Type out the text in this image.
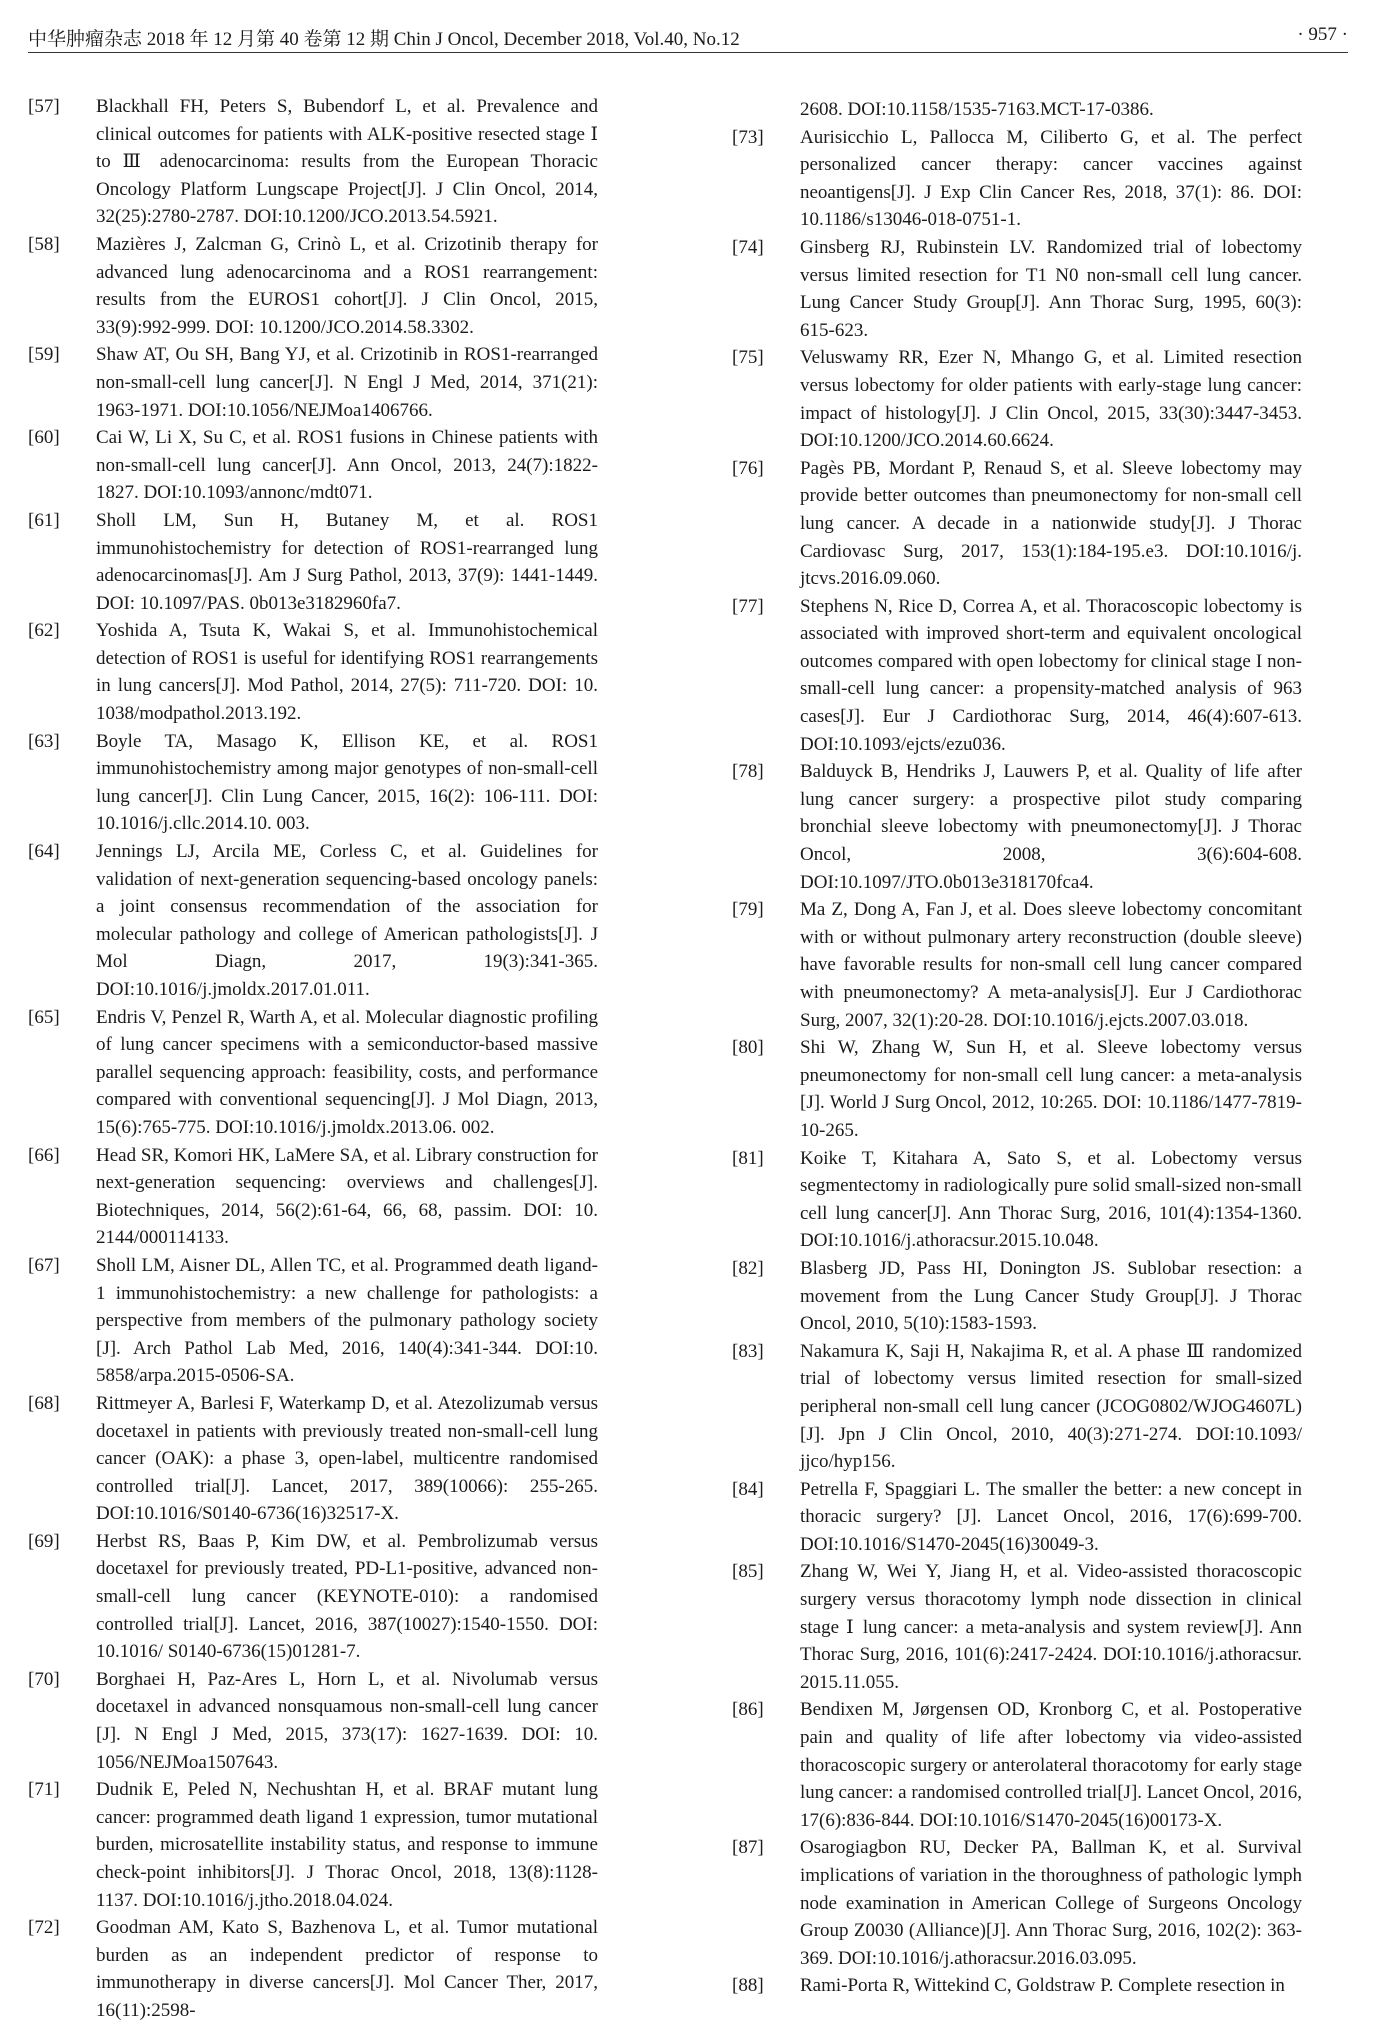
中华肿瘤杂志 2018 年 12 月第 40 卷第 12 期 Chin J Oncol, December 2018, Vol.40, No.12	· 957 ·
[57]	Blackhall FH, Peters S, Bubendorf L, et al. Prevalence and clinical outcomes for patients with ALK-positive resected stage Ⅰ to Ⅲ adenocarcinoma: results from the European Thoracic Oncology Platform Lungscape Project[J]. J Clin Oncol, 2014, 32(25):2780-2787. DOI:10.1200/JCO.2013.54.5921.
[58]	Mazières J, Zalcman G, Crinò L, et al. Crizotinib therapy for advanced lung adenocarcinoma and a ROS1 rearrangement: results from the EUROS1 cohort[J]. J Clin Oncol, 2015, 33(9):992-999. DOI: 10.1200/JCO.2014.58.3302.
[59]	Shaw AT, Ou SH, Bang YJ, et al. Crizotinib in ROS1-rearranged non-small-cell lung cancer[J]. N Engl J Med, 2014, 371(21): 1963-1971. DOI:10.1056/NEJMoa1406766.
[60]	Cai W, Li X, Su C, et al. ROS1 fusions in Chinese patients with non-small-cell lung cancer[J]. Ann Oncol, 2013, 24(7):1822-1827. DOI:10.1093/annonc/mdt071.
[61]	Sholl LM, Sun H, Butaney M, et al. ROS1 immunohistochemistry for detection of ROS1-rearranged lung adenocarcinomas[J]. Am J Surg Pathol, 2013, 37(9): 1441-1449. DOI: 10.1097/PAS. 0b013e3182960fa7.
[62]	Yoshida A, Tsuta K, Wakai S, et al. Immunohistochemical detection of ROS1 is useful for identifying ROS1 rearrangements in lung cancers[J]. Mod Pathol, 2014, 27(5): 711-720. DOI: 10. 1038/modpathol.2013.192.
[63]	Boyle TA, Masago K, Ellison KE, et al. ROS1 immunohistochemistry among major genotypes of non-small-cell lung cancer[J]. Clin Lung Cancer, 2015, 16(2): 106-111. DOI: 10.1016/j.cllc.2014.10. 003.
[64]	Jennings LJ, Arcila ME, Corless C, et al. Guidelines for validation of next-generation sequencing-based oncology panels: a joint consensus recommendation of the association for molecular pathology and college of American pathologists[J]. J Mol Diagn, 2017, 19(3):341-365. DOI:10.1016/j.jmoldx.2017.01.011.
[65]	Endris V, Penzel R, Warth A, et al. Molecular diagnostic profiling of lung cancer specimens with a semiconductor-based massive parallel sequencing approach: feasibility, costs, and performance compared with conventional sequencing[J]. J Mol Diagn, 2013, 15(6):765-775. DOI:10.1016/j.jmoldx.2013.06. 002.
[66]	Head SR, Komori HK, LaMere SA, et al. Library construction for next-generation sequencing: overviews and challenges[J]. Biotechniques, 2014, 56(2):61-64, 66, 68, passim. DOI: 10. 2144/000114133.
[67]	Sholl LM, Aisner DL, Allen TC, et al. Programmed death ligand-1 immunohistochemistry: a new challenge for pathologists: a perspective from members of the pulmonary pathology society [J]. Arch Pathol Lab Med, 2016, 140(4):341-344. DOI:10. 5858/arpa.2015-0506-SA.
[68]	Rittmeyer A, Barlesi F, Waterkamp D, et al. Atezolizumab versus docetaxel in patients with previously treated non-small-cell lung cancer (OAK): a phase 3, open-label, multicentre randomised controlled trial[J]. Lancet, 2017, 389(10066): 255-265. DOI:10.1016/S0140-6736(16)32517-X.
[69]	Herbst RS, Baas P, Kim DW, et al. Pembrolizumab versus docetaxel for previously treated, PD-L1-positive, advanced non-small-cell lung cancer (KEYNOTE-010): a randomised controlled trial[J]. Lancet, 2016, 387(10027):1540-1550. DOI: 10.1016/ S0140-6736(15)01281-7.
[70]	Borghaei H, Paz-Ares L, Horn L, et al. Nivolumab versus docetaxel in advanced nonsquamous non-small-cell lung cancer [J]. N Engl J Med, 2015, 373(17): 1627-1639. DOI: 10. 1056/NEJMoa1507643.
[71]	Dudnik E, Peled N, Nechushtan H, et al. BRAF mutant lung cancer: programmed death ligand 1 expression, tumor mutational burden, microsatellite instability status, and response to immune check-point inhibitors[J]. J Thorac Oncol, 2018, 13(8):1128-1137. DOI:10.1016/j.jtho.2018.04.024.
[72]	Goodman AM, Kato S, Bazhenova L, et al. Tumor mutational burden as an independent predictor of response to immunotherapy in diverse cancers[J]. Mol Cancer Ther, 2017, 16(11):2598-
2608. DOI:10.1158/1535-7163.MCT-17-0386.
[73]	Aurisicchio L, Pallocca M, Ciliberto G, et al. The perfect personalized cancer therapy: cancer vaccines against neoantigens[J]. J Exp Clin Cancer Res, 2018, 37(1): 86. DOI: 10.1186/s13046-018-0751-1.
[74]	Ginsberg RJ, Rubinstein LV. Randomized trial of lobectomy versus limited resection for T1 N0 non-small cell lung cancer. Lung Cancer Study Group[J]. Ann Thorac Surg, 1995, 60(3): 615-623.
[75]	Veluswamy RR, Ezer N, Mhango G, et al. Limited resection versus lobectomy for older patients with early-stage lung cancer: impact of histology[J]. J Clin Oncol, 2015, 33(30):3447-3453. DOI:10.1200/JCO.2014.60.6624.
[76]	Pagès PB, Mordant P, Renaud S, et al. Sleeve lobectomy may provide better outcomes than pneumonectomy for non-small cell lung cancer. A decade in a nationwide study[J]. J Thorac Cardiovasc Surg, 2017, 153(1):184-195.e3. DOI:10.1016/j. jtcvs.2016.09.060.
[77]	Stephens N, Rice D, Correa A, et al. Thoracoscopic lobectomy is associated with improved short-term and equivalent oncological outcomes compared with open lobectomy for clinical stage I non-small-cell lung cancer: a propensity-matched analysis of 963 cases[J]. Eur J Cardiothorac Surg, 2014, 46(4):607-613. DOI:10.1093/ejcts/ezu036.
[78]	Balduyck B, Hendriks J, Lauwers P, et al. Quality of life after lung cancer surgery: a prospective pilot study comparing bronchial sleeve lobectomy with pneumonectomy[J]. J Thorac Oncol, 2008, 3(6):604-608. DOI:10.1097/JTO.0b013e318170fca4.
[79]	Ma Z, Dong A, Fan J, et al. Does sleeve lobectomy concomitant with or without pulmonary artery reconstruction (double sleeve) have favorable results for non-small cell lung cancer compared with pneumonectomy? A meta-analysis[J]. Eur J Cardiothorac Surg, 2007, 32(1):20-28. DOI:10.1016/j.ejcts.2007.03.018.
[80]	Shi W, Zhang W, Sun H, et al. Sleeve lobectomy versus pneumonectomy for non-small cell lung cancer: a meta-analysis [J]. World J Surg Oncol, 2012, 10:265. DOI: 10.1186/1477-7819-10-265.
[81]	Koike T, Kitahara A, Sato S, et al. Lobectomy versus segmentectomy in radiologically pure solid small-sized non-small cell lung cancer[J]. Ann Thorac Surg, 2016, 101(4):1354-1360. DOI:10.1016/j.athoracsur.2015.10.048.
[82]	Blasberg JD, Pass HI, Donington JS. Sublobar resection: a movement from the Lung Cancer Study Group[J]. J Thorac Oncol, 2010, 5(10):1583-1593.
[83]	Nakamura K, Saji H, Nakajima R, et al. A phase Ⅲ randomized trial of lobectomy versus limited resection for small-sized peripheral non-small cell lung cancer (JCOG0802/WJOG4607L) [J]. Jpn J Clin Oncol, 2010, 40(3):271-274. DOI:10.1093/ jjco/hyp156.
[84]	Petrella F, Spaggiari L. The smaller the better: a new concept in thoracic surgery? [J]. Lancet Oncol, 2016, 17(6):699-700. DOI:10.1016/S1470-2045(16)30049-3.
[85]	Zhang W, Wei Y, Jiang H, et al. Video-assisted thoracoscopic surgery versus thoracotomy lymph node dissection in clinical stage Ⅰ lung cancer: a meta-analysis and system review[J]. Ann Thorac Surg, 2016, 101(6):2417-2424. DOI:10.1016/j.athoracsur. 2015.11.055.
[86]	Bendixen M, Jørgensen OD, Kronborg C, et al. Postoperative pain and quality of life after lobectomy via video-assisted thoracoscopic surgery or anterolateral thoracotomy for early stage lung cancer: a randomised controlled trial[J]. Lancet Oncol, 2016, 17(6):836-844. DOI:10.1016/S1470-2045(16)00173-X.
[87]	Osarogiagbon RU, Decker PA, Ballman K, et al. Survival implications of variation in the thoroughness of pathologic lymph node examination in American College of Surgeons Oncology Group Z0030 (Alliance)[J]. Ann Thorac Surg, 2016, 102(2): 363-369. DOI:10.1016/j.athoracsur.2016.03.095.
[88]	Rami-Porta R, Wittekind C, Goldstraw P. Complete resection in
